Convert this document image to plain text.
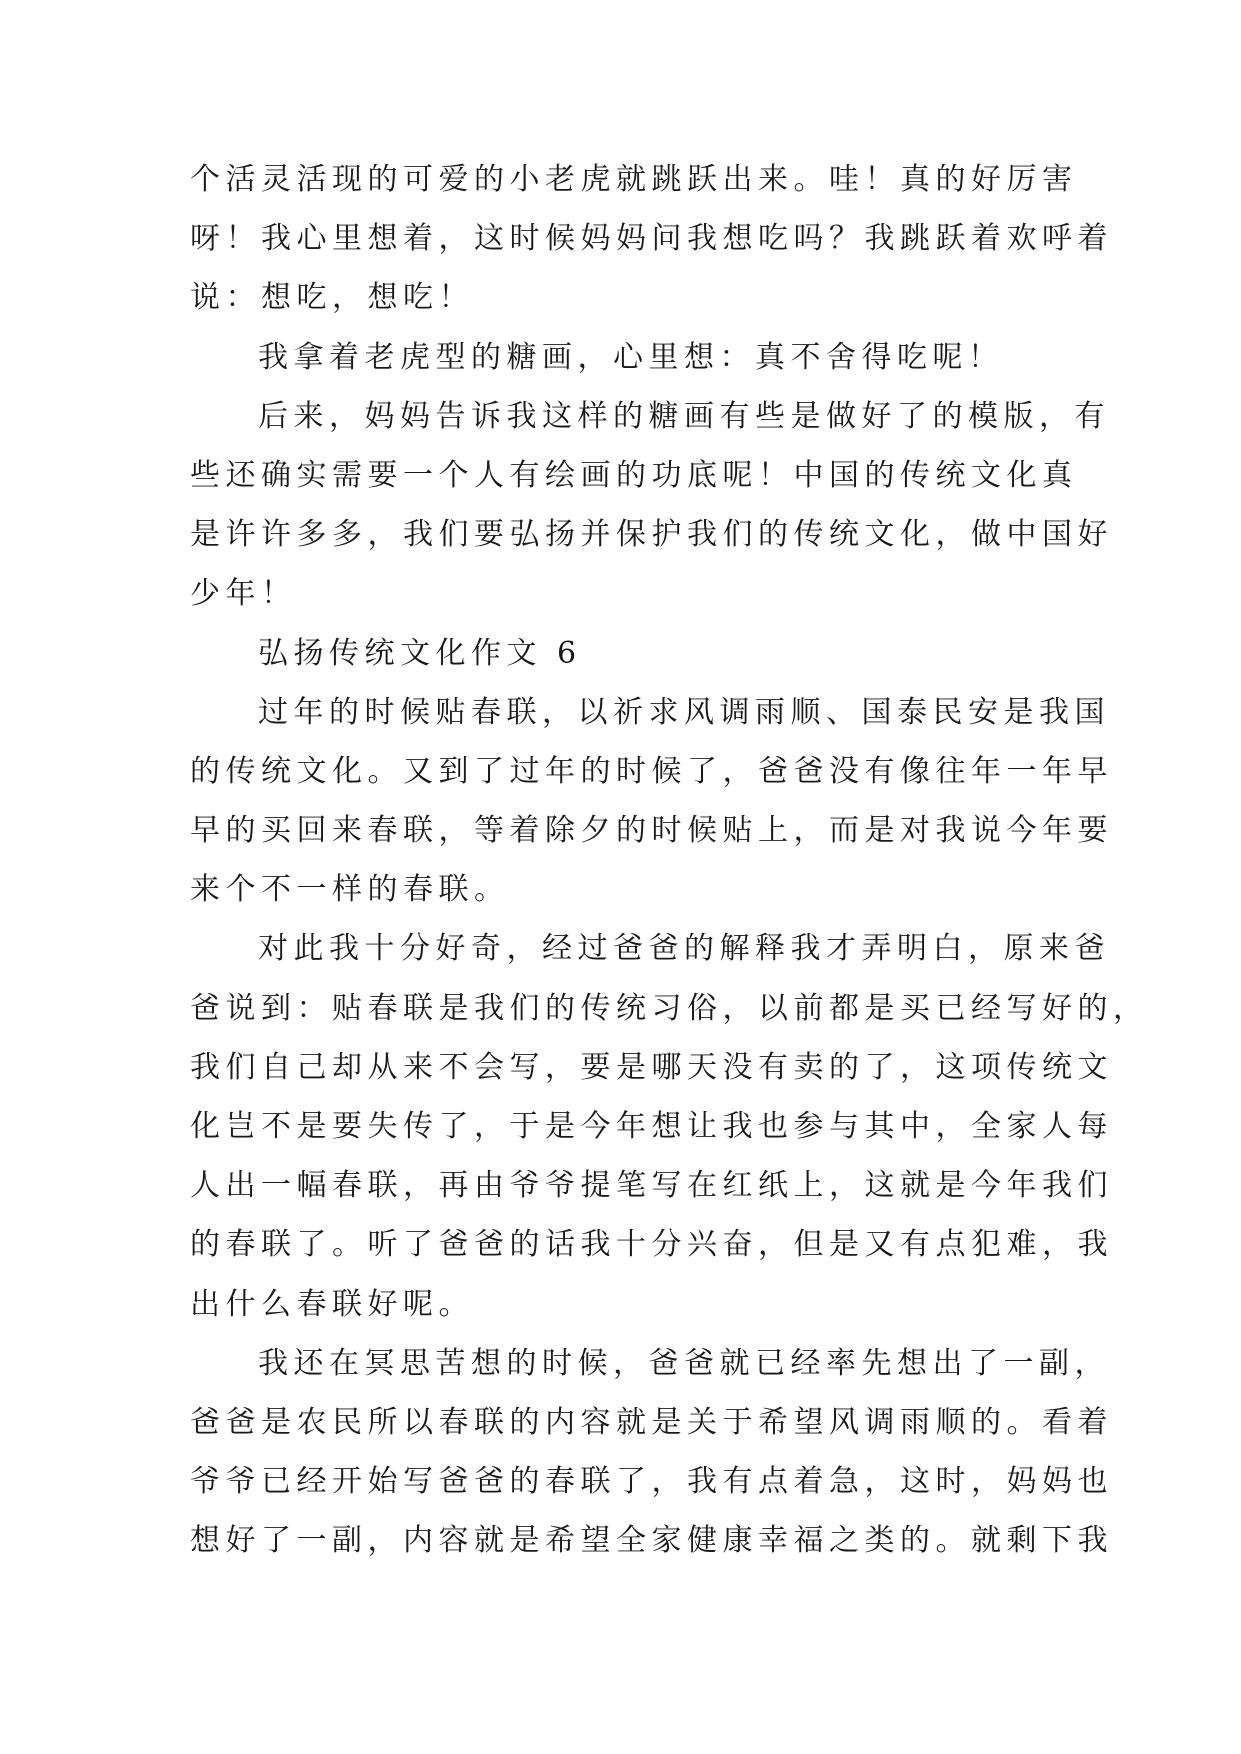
个活灵活现的可爱的小老虎就跳跃出来。哇！真的好厉害
呀！我心里想着，这时候妈妈问我想吃吗？我跳跃着欢呼着
说：想吃，想吃！
我拿着老虎型的糖画，心里想：真不舍得吃呢！
后来，妈妈告诉我这样的糖画有些是做好了的模版，有
些还确实需要一个人有绘画的功底呢！中国的传统文化真
是许许多多，我们要弘扬并保护我们的传统文化，做中国好
少年！
弘扬传统文化作文 6
过年的时候贴春联，以祈求风调雨顺、国泰民安是我国
的传统文化。又到了过年的时候了，爸爸没有像往年一年早
早的买回来春联，等着除夕的时候贴上，而是对我说今年要
来个不一样的春联。
对此我十分好奇，经过爸爸的解释我才弄明白，原来爸
爸说到：贴春联是我们的传统习俗，以前都是买已经写好的，
我们自己却从来不会写，要是哪天没有卖的了，这项传统文
化岂不是要失传了，于是今年想让我也参与其中，全家人每
人出一幅春联，再由爷爷提笔写在红纸上，这就是今年我们
的春联了。听了爸爸的话我十分兴奋，但是又有点犯难，我
出什么春联好呢。
我还在冥思苦想的时候，爸爸就已经率先想出了一副，
爸爸是农民所以春联的内容就是关于希望风调雨顺的。看着
爷爷已经开始写爸爸的春联了，我有点着急，这时，妈妈也
想好了一副，内容就是希望全家健康幸福之类的。就剩下我
